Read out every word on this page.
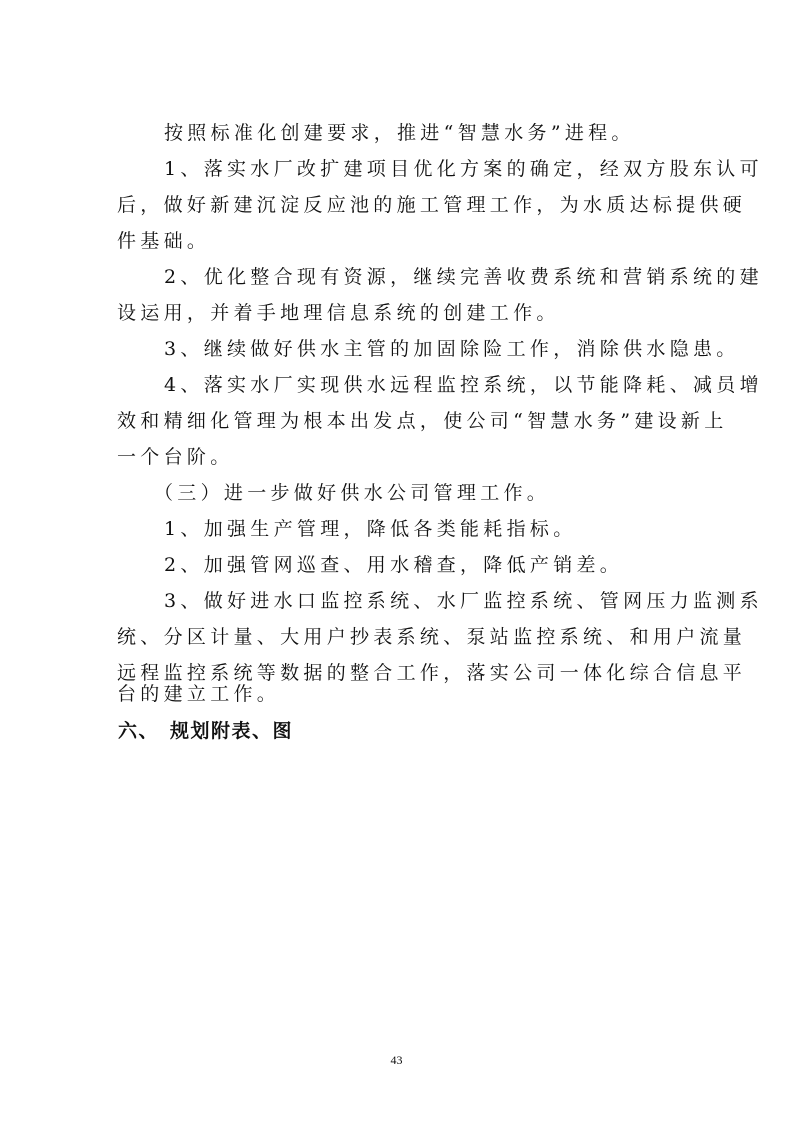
按照标准化创建要求，推进“智慧水务”进程。
1、落实水厂改扩建项目优化方案的确定，经双方股东认可
后，做好新建沉淀反应池的施工管理工作，为水质达标提供硬
件基础。
2、优化整合现有资源，继续完善收费系统和营销系统的建
设运用，并着手地理信息系统的创建工作。
3、继续做好供水主管的加固除险工作，消除供水隐患。
4、落实水厂实现供水远程监控系统，以节能降耗、减员增
效和精细化管理为根本出发点，使公司“智慧水务”建设新上
一个台阶。
（三）进一步做好供水公司管理工作。
1、加强生产管理，降低各类能耗指标。
2、加强管网巡查、用水稽查，降低产销差。
3、做好进水口监控系统、水厂监控系统、管网压力监测系
统、分区计量、大用户抄表系统、泵站监控系统、和用户流量
远程监控系统等数据的整合工作，落实公司一体化综合信息平
台的建立工作。
六、 规划附表、图
43
